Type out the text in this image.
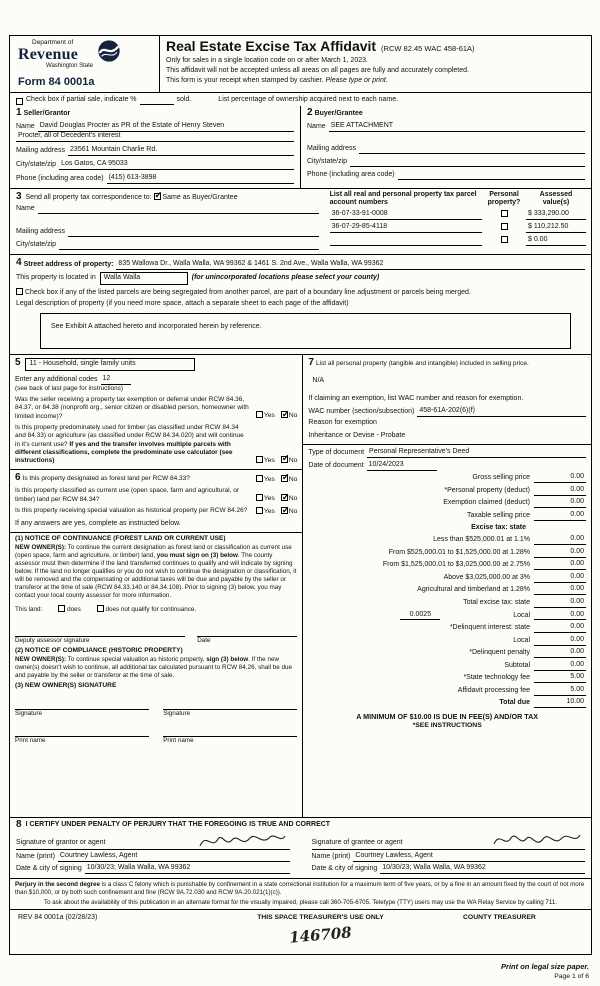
Department of
Revenue
Washington State
Form 84 0001a
Real Estate Excise Tax Affidavit (RCW 82.45 WAC 458-61A)
Only for sales in a single location code on or after March 1, 2023.
This affidavit will not be accepted unless all areas on all pages are fully and accurately completed.
This form is your receipt when stamped by cashier. Please type or print.
Check box if partial sale, indicate %	sold.	List percentage of ownership acquired next to each name.
1 Seller/Grantor
Name David Douglas Procter as PR of the Estate of Henry Steven
Procter, all of Decedent's interest
Mailing address 23561 Mountain Charlie Rd.
City/state/zip Los Gatos, CA 95033
Phone (including area code) (415) 613-3898
2 Buyer/Grantee
Name SEE ATTACHMENT
Mailing address
City/state/zip
Phone (including area code)
3 Send all property tax correspondence to: ✓ Same as Buyer/Grantee
Name
Mailing address
City/state/zip
List all real and personal property tax parcel account numbers
Personal property?
Assessed value(s)
36-07-33-91-0008	$ 333,290.00
36-07-29-85-4118	$ 110,212.50
$ 0.00
4 Street address of property: 835 Wallowa Dr., Walla Walla, WA 99362 & 1461 S. 2nd Ave., Walla Walla, WA 99362
This property is located in	Walla Walla	(for unincorporated locations please select your county)
Check box if any of the listed parcels are being segregated from another parcel, are part of a boundary line adjustment or parcels being merged.
Legal description of property (if you need more space, attach a separate sheet to each page of the affidavit)
See Exhibit A attached hereto and incorporated herein by reference.
5 11 - Household, single family units
Enter any additional codes 12
(see back of last page for instructions)
Was the seller receiving a property tax exemption or deferral under RCW 84.36, 84.37, or 84.38 (nonprofit org., senior citizen or disabled person, homeowner with limited income)?	Yes ✓ No
Is this property predominately used for timber (as classified under RCW 84.34 and 84.33) or agriculture (as classified under RCW 84.34.020) and will continue in it's current use? If yes and the transfer involves multiple parcels with different classifications, complete the predominate use calculator (see instructions)	Yes ✓ No
6 Is this property designated as forest land per RCW 84.33?	Yes ✓ No
Is this property classified as current use (open space, farm and agricultural, or timber) land per RCW 84.34?	Yes ✓ No
Is this property receiving special valuation as historical property per RCW 84.26?	Yes ✓ No
If any answers are yes, complete as instructed below.
(1) NOTICE OF CONTINUANCE (FOREST LAND OR CURRENT USE)
NEW OWNER(S): To continue the current designation as forest land or classification as current use (open space, farm and agriculture, or timber) land, you must sign on (3) below. The county assessor must then determine if the land transferred continues to qualify and will indicate by signing below. If the land no longer qualifies or you do not wish to continue the designation or classification, it will be removed and the compensating or additional taxes will be due and payable by the seller or transferor at the time of sale (RCW 84.33.140 or 84.34.108). Prior to signing (3) below, you may contact your local county assessor for more information.
This land:	does	does not qualify for continuance.
Deputy assessor signature	Date
(2) NOTICE OF COMPLIANCE (HISTORIC PROPERTY)
NEW OWNER(S): To continue special valuation as historic property, sign (3) below. If the new owner(s) doesn't wish to continue, all additional tax calculated pursuant to RCW 84.26, shall be due and payable by the seller or transferor at the time of sale.
(3) NEW OWNER(S) SIGNATURE
Signature	Signature
Print name	Print name
7 List all personal property (tangible and intangible) included in selling price.
N/A
If claiming an exemption, list WAC number and reason for exemption.
WAC number (section/subsection) 458-61A-202(6)(f)
Reason for exemption
Inheritance or Devise - Probate
Type of document Personal Representative's Deed
Date of document 10/24/2023
Gross selling price	0.00
*Personal property (deduct)	0.00
Exemption claimed (deduct)	0.00
Taxable selling price	0.00
Excise tax: state
Less than $525,000.01 at 1.1%	0.00
From $525,000.01 to $1,525,000.00 at 1.28%	0.00
From $1,525,000.01 to $3,025,000.00 at 2.75%	0.00
Above $3,025,000.00 at 3%	0.00
Agricultural and timberland at 1.28%	0.00
Total excise tax: state	0.00
0.0025	Local	0.00
*Delinquent interest: state	0.00
Local	0.00
*Delinquent penalty	0.00
Subtotal	0.00
*State technology fee	5.00
Affidavit processing fee	5.00
Total due	10.00
A MINIMUM OF $10.00 IS DUE IN FEE(S) AND/OR TAX
*SEE INSTRUCTIONS
8 I CERTIFY UNDER PENALTY OF PERJURY THAT THE FOREGOING IS TRUE AND CORRECT
Signature of grantor or agent
Name (print) Courtney Lawless, Agent
Date & city of signing 10/30/23; Walla Walla, WA 99362
Signature of grantee or agent
Name (print) Courtney Lawless, Agent
Date & city of signing 10/30/23; Walla Walla, WA 99362
Perjury in the second degree is a class C felony which is punishable by confinement in a state correctional institution for a maximum term of five years, or by a fine in an amount fixed by the court of not more than $10,000, or by both such confinement and fine (RCW 9A.72.030 and RCW 9A.20.021(1)(c)).
To ask about the availability of this publication in an alternate format for the visually impaired, please call 360-705-6705. Teletype (TTY) users may use the WA Relay Service by calling 711.
REV 84 0001a (02/28/23)	THIS SPACE TREASURER'S USE ONLY
146708
COUNTY TREASURER
Print on legal size paper.
Page 1 of 6
